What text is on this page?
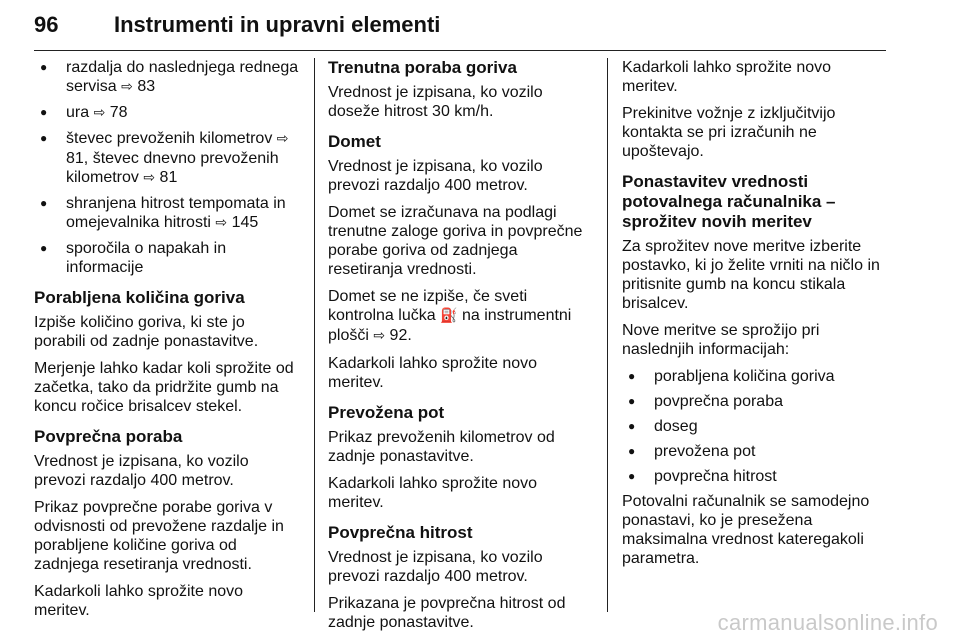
96	Instrumenti in upravni elementi
● razdalja do naslednjega rednega servisa ⇨ 83
● ura ⇨ 78
● števec prevoženih kilometrov ⇨ 81, števec dnevno prevoženih kilometrov ⇨ 81
● shranjena hitrost tempomata in omejevalnika hitrosti ⇨ 145
● sporočila o napakah in informacije
Porabljena količina goriva

Izpiše količino goriva, ki ste jo porabili od zadnje ponastavitve.

Merjenje lahko kadar koli sprožite od začetka, tako da pridržite gumb na koncu ročice brisalcev stekel.

Povprečna poraba

Vrednost je izpisana, ko vozilo prevozi razdaljo 400 metrov.

Prikaz povprečne porabe goriva v odvisnosti od prevožene razdalje in porabljene količine goriva od zadnjega resetiranja vrednosti.

Kadarkoli lahko sprožite novo meritev.

Trenutna poraba goriva

Vrednost je izpisana, ko vozilo doseže hitrost 30 km/h.

Domet

Vrednost je izpisana, ko vozilo prevozi razdaljo 400 metrov.

Domet se izračunava na podlagi trenutne zaloge goriva in povprečne porabe goriva od zadnjega resetiranja vrednosti.

Domet se ne izpiše, če sveti kontrolna lučka ⛽ na instrumentni plošči ⇨ 92.

Kadarkoli lahko sprožite novo meritev.

Prevožena pot

Prikaz prevoženih kilometrov od zadnje ponastavitve.

Kadarkoli lahko sprožite novo meritev.

Povprečna hitrost

Vrednost je izpisana, ko vozilo prevozi razdaljo 400 metrov.

Prikazana je povprečna hitrost od zadnje ponastavitve.

Kadarkoli lahko sprožite novo meritev.

Prekinitve vožnje z izključitvijo kontakta se pri izračunih ne upoštevajo.

Ponastavitev vrednosti potovalnega računalnika – sprožitev novih meritev

Za sprožitev nove meritve izberite postavko, ki jo želite vrniti na ničlo in pritisnite gumb na koncu stikala brisalcev.

Nove meritve se sprožijo pri naslednjih informacijah:

● porabljena količina goriva
● povprečna poraba
● doseg
● prevožena pot
● povprečna hitrost

Potovalni računalnik se samodejno ponastavi, ko je presežena maksimalna vrednost kateregakoli parametra.

carmanualsonline.info
